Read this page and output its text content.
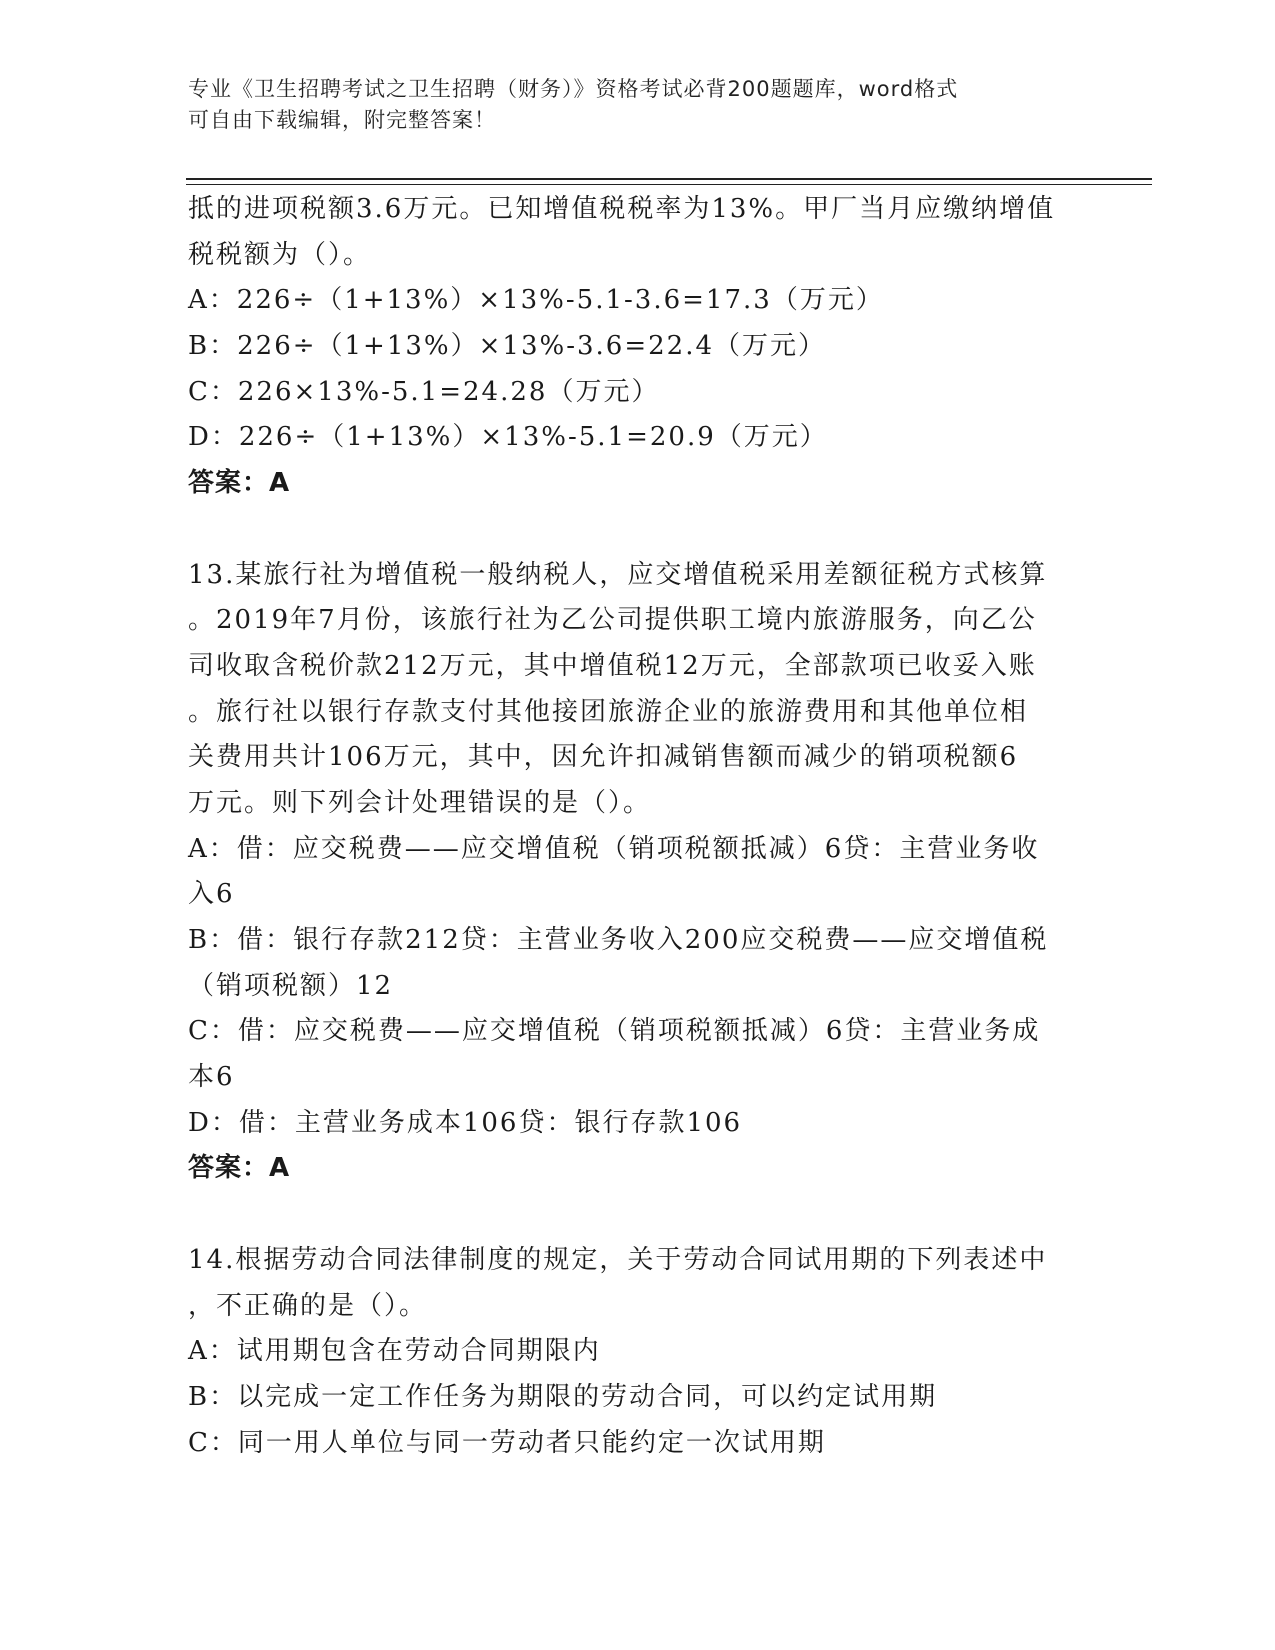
专业《卫生招聘考试之卫生招聘（财务）》资格考试必背200题题库，word格式
可自由下载编辑，附完整答案！
抵的进项税额3.6万元。已知增值税税率为13%。甲厂当月应缴纳增值
税税额为（）。
A：226÷（1+13%）×13%-5.1-3.6=17.3（万元）
B：226÷（1+13%）×13%-3.6=22.4（万元）
C：226×13%-5.1=24.28（万元）
D：226÷（1+13%）×13%-5.1=20.9（万元）
答案：A
13.某旅行社为增值税一般纳税人，应交增值税采用差额征税方式核算
。2019年7月份，该旅行社为乙公司提供职工境内旅游服务，向乙公
司收取含税价款212万元，其中增值税12万元，全部款项已收妥入账
。旅行社以银行存款支付其他接团旅游企业的旅游费用和其他单位相
关费用共计106万元，其中，因允许扣减销售额而减少的销项税额6
万元。则下列会计处理错误的是（）。
A：借：应交税费——应交增值税（销项税额抵减）6贷：主营业务收
入6
B：借：银行存款212贷：主营业务收入200应交税费——应交增值税
（销项税额）12
C：借：应交税费——应交增值税（销项税额抵减）6贷：主营业务成
本6
D：借：主营业务成本106贷：银行存款106
答案：A
14.根据劳动合同法律制度的规定，关于劳动合同试用期的下列表述中
，不正确的是（）。
A：试用期包含在劳动合同期限内
B：以完成一定工作任务为期限的劳动合同，可以约定试用期
C：同一用人单位与同一劳动者只能约定一次试用期
